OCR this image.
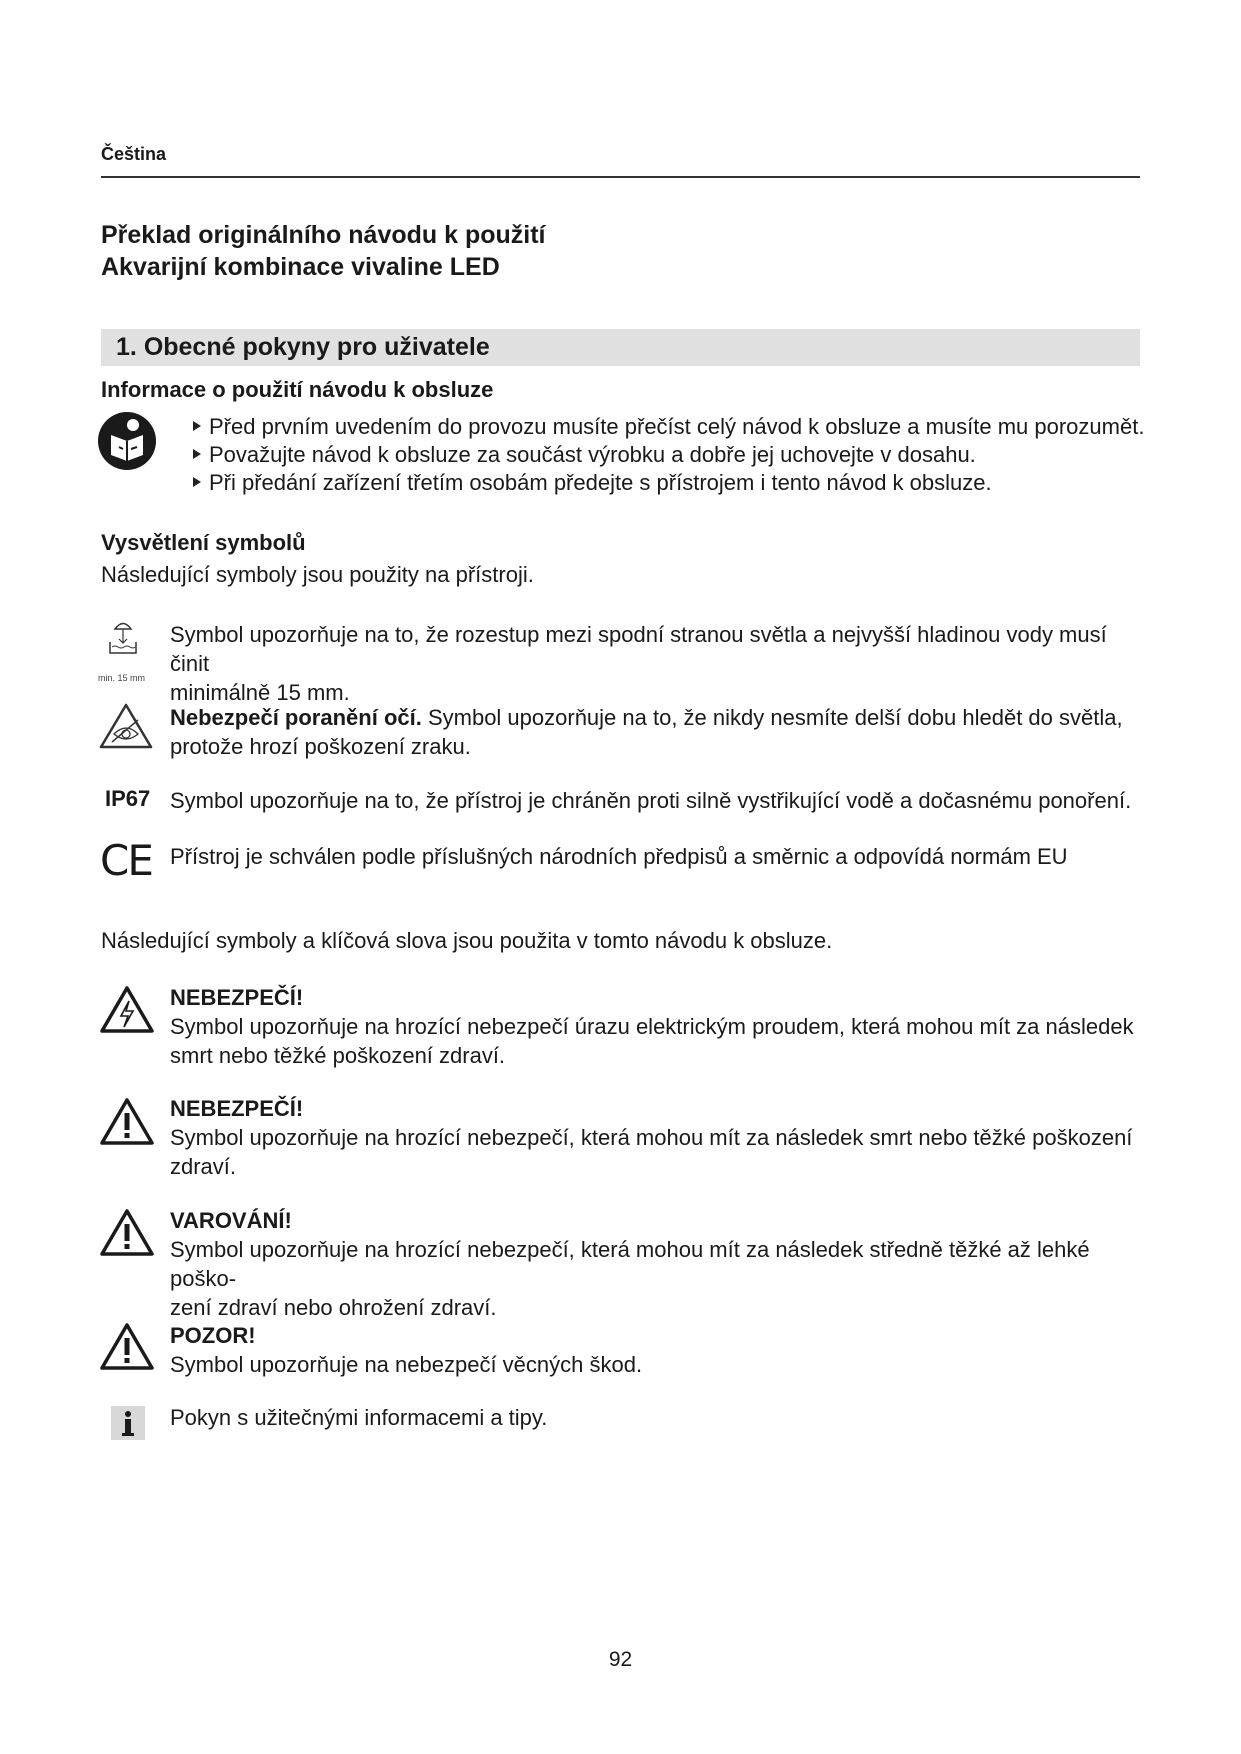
Čeština
Překlad originálního návodu k použití
Akvarijní kombinace vivaline LED
1. Obecné pokyny pro uživatele
Informace o použití návodu k obsluze
Před prvním uvedením do provozu musíte přečíst celý návod k obsluze a musíte mu porozumět.
Považujte návod k obsluze za součást výrobku a dobře jej uchovejte v dosahu.
Při předání zařízení třetím osobám předejte s přístrojem i tento návod k obsluze.
Vysvětlení symbolů
Následující symboly jsou použity na přístroji.
min. 15 mm
Symbol upozorňuje na to, že rozestup mezi spodní stranou světla a nejvyšší hladinou vody musí činit
minimálně 15 mm.
Nebezpečí poranění očí. Symbol upozorňuje na to, že nikdy nesmíte delší dobu hledět do světla,
protože hrozí poškození zraku.
IP67 Symbol upozorňuje na to, že přístroj je chráněn proti silně vystřikující vodě a dočasnému ponoření.
CE Přístroj je schválen podle příslušných národních předpisů a směrnic a odpovídá normám EU
Následující symboly a klíčová slova jsou použita v tomto návodu k obsluze.
NEBEZPEČÍ!
Symbol upozorňuje na hrozící nebezpečí úrazu elektrickým proudem, která mohou mít za následek
smrt nebo těžké poškození zdraví.
NEBEZPEČÍ!
Symbol upozorňuje na hrozící nebezpečí, která mohou mít za následek smrt nebo těžké poškození
zdraví.
VAROVÁNÍ!
Symbol upozorňuje na hrozící nebezpečí, která mohou mít za následek středně těžké až lehké poško-
zení zdraví nebo ohrožení zdraví.
POZOR!
Symbol upozorňuje na nebezpečí věcných škod.
Pokyn s užitečnými informacemi a tipy.
92
